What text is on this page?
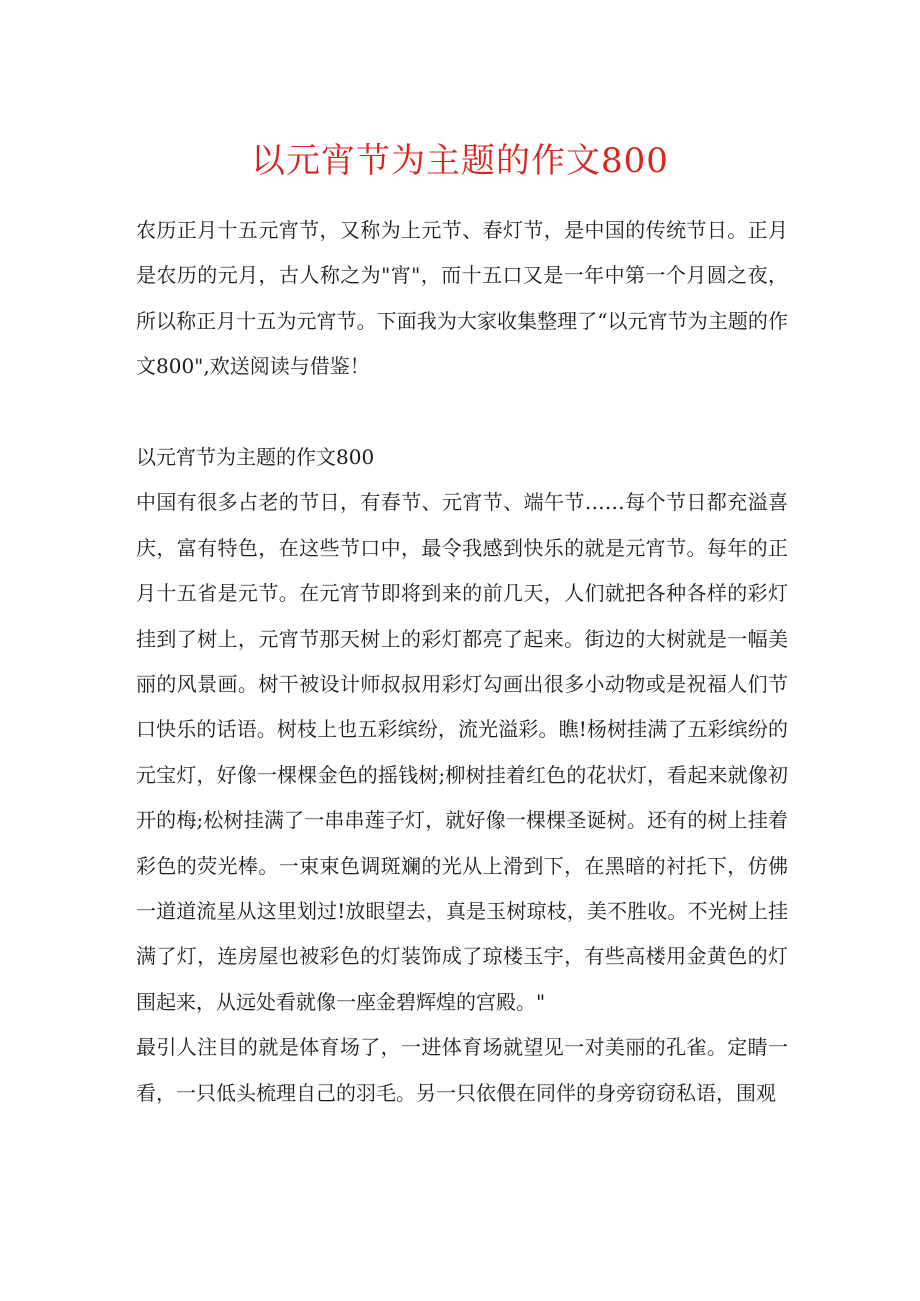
以元宵节为主题的作文800

农历正月十五元宵节，又称为上元节、春灯节，是中国的传统节日。正月是农历的元月，古人称之为"宵"，而十五口又是一年中第一个月圆之夜，所以称正月十五为元宵节。下面我为大家收集整理了“以元宵节为主题的作文800",欢送阅读与借鉴！

以元宵节为主题的作文800

中国有很多占老的节日，有春节、元宵节、端午节……每个节日都充溢喜庆，富有特色，在这些节口中，最令我感到快乐的就是元宵节。每年的正月十五省是元节。在元宵节即将到来的前几天，人们就把各种各样的彩灯挂到了树上，元宵节那天树上的彩灯都亮了起来。街边的大树就是一幅美丽的风景画。树干被设计师叔叔用彩灯勾画出很多小动物或是祝福人们节口快乐的话语。树枝上也五彩缤纷，流光溢彩。瞧!杨树挂满了五彩缤纷的元宝灯，好像一棵棵金色的摇钱树;柳树挂着红色的花状灯，看起来就像初开的梅;松树挂满了一串串莲子灯，就好像一棵棵圣诞树。还有的树上挂着彩色的荧光棒。一束束色调斑斓的光从上滑到下，在黑暗的衬托下，仿佛一道道流星从这里划过!放眼望去，真是玉树琼枝，美不胜收。不光树上挂满了灯，连房屋也被彩色的灯装饰成了琼楼玉宇，有些高楼用金黄色的灯围起来，从远处看就像一座金碧辉煌的宫殿。"

最引人注目的就是体育场了，一进体育场就望见一对美丽的孔雀。定睛一看，一只低头梳理自己的羽毛。另一只依偎在同伴的身旁窃窃私语，围观
